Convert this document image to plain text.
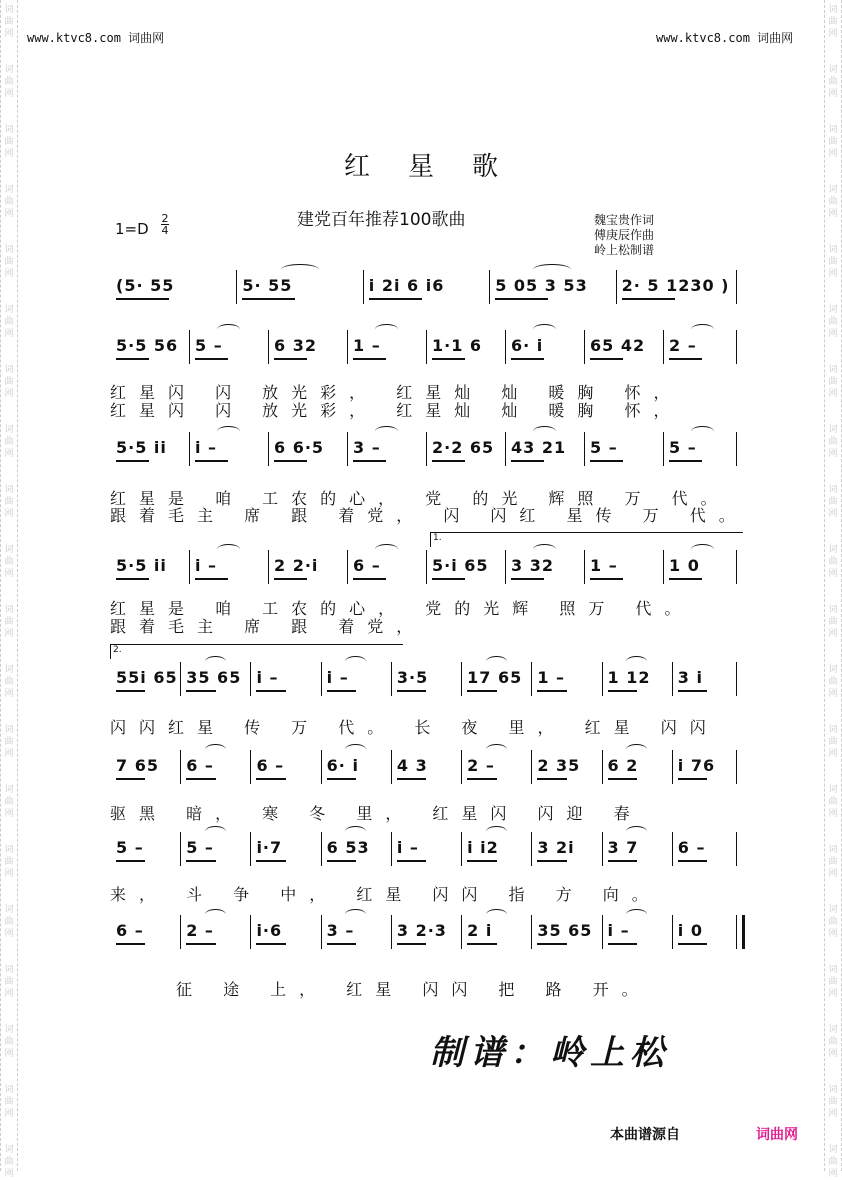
词曲网
词曲网
词曲网
词曲网
词曲网
词曲网
词曲网
词曲网
词曲网
词曲网
词曲网
词曲网
词曲网
词曲网
词曲网
词曲网
词曲网
词曲网
词曲网
词曲网
词曲网
词曲网
词曲网
词曲网
词曲网
词曲网
词曲网
词曲网
词曲网
词曲网
词曲网
词曲网
词曲网
词曲网
词曲网
词曲网
词曲网
词曲网
词曲网
词曲网
www.ktvc8.com 词曲网	www.ktvc8.com 词曲网
红星歌
建党百年推荐100歌曲
1=D
2
4
魏宝贵作词
傅庚辰作曲
岭上松制谱
(5· 55	5· 55	i 2i 6 i6	5 05 3 53 2· 5 1230 )
5·5 56 5 –	6 32 1 –	1·1 6 6· i	65 42 2 –
5·5 ii i –	6 6·5 3 –	2·2 65 43 21 5 –	5 –
5·5 ii i –	2 2·i 6 –	5·i 65 3 32 1 –	1 0
1.
55i 65 35 65 i –	i –	3·5 17 65 1 –	1 12 3 i
2.
7 65 6 –	6 –	6· i 4 3 2 –	2 35 6 2 i 76
5 –	5 –	i·7	6 53 i –	i i2 3 2i 3 7 6 –
6 –	2 –	i·6	3 –	3 2·3 2 i	35 65 i –	i 0
红星闪 闪 放光彩， 红星灿 灿 暖胸 怀，
红星闪 闪 放光彩， 红星灿 灿 暖胸 怀，
红星是 咱 工农的心， 党 的光 辉照 万 代。
跟着毛主 席 跟 着党， 闪 闪红 星传 万 代。
红星是 咱 工农的心， 党的光辉 照万 代。
跟着毛主 席 跟 着党，
闪闪红星 传 万 代。 长 夜 里， 红星 闪闪
驱黑 暗， 寒 冬 里， 红星闪 闪迎 春
来， 斗 争 中， 红星 闪闪 指 方 向。
征 途 上， 红星 闪闪 把 路 开。
制谱：岭上松
本曲谱源自	词曲网
